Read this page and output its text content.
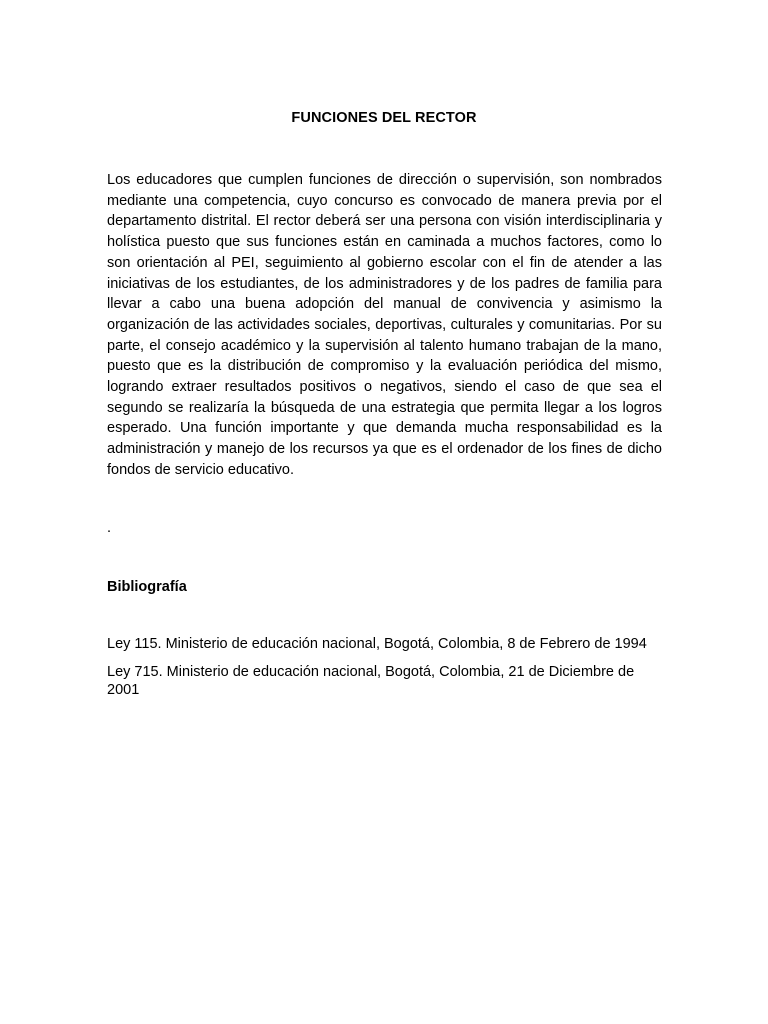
FUNCIONES DEL RECTOR

Los educadores que cumplen funciones de dirección o supervisión, son nombrados mediante una competencia, cuyo concurso es convocado de manera previa por el departamento distrital. El rector deberá ser una persona con visión interdisciplinaria y holística puesto que sus funciones están en caminada a muchos factores, como lo son orientación al PEI, seguimiento al gobierno escolar con el fin de atender a las iniciativas de los estudiantes, de los administradores y de los padres de familia para llevar a cabo una buena adopción del manual de convivencia y asimismo la organización de las actividades sociales, deportivas, culturales y comunitarias. Por su parte, el consejo académico y la supervisión al talento humano trabajan de la mano, puesto que es la distribución de compromiso y la evaluación periódica del mismo, logrando extraer resultados positivos o negativos, siendo el caso de que sea el segundo se realizaría la búsqueda de una estrategia que permita llegar a los logros esperado. Una función importante y que demanda mucha responsabilidad es la administración y manejo de los recursos ya que es el ordenador de los fines de dicho fondos de servicio educativo.

.
Bibliografía
Ley 115. Ministerio de educación nacional, Bogotá, Colombia, 8 de Febrero de 1994
Ley 715. Ministerio de educación nacional, Bogotá, Colombia, 21 de Diciembre de 2001
